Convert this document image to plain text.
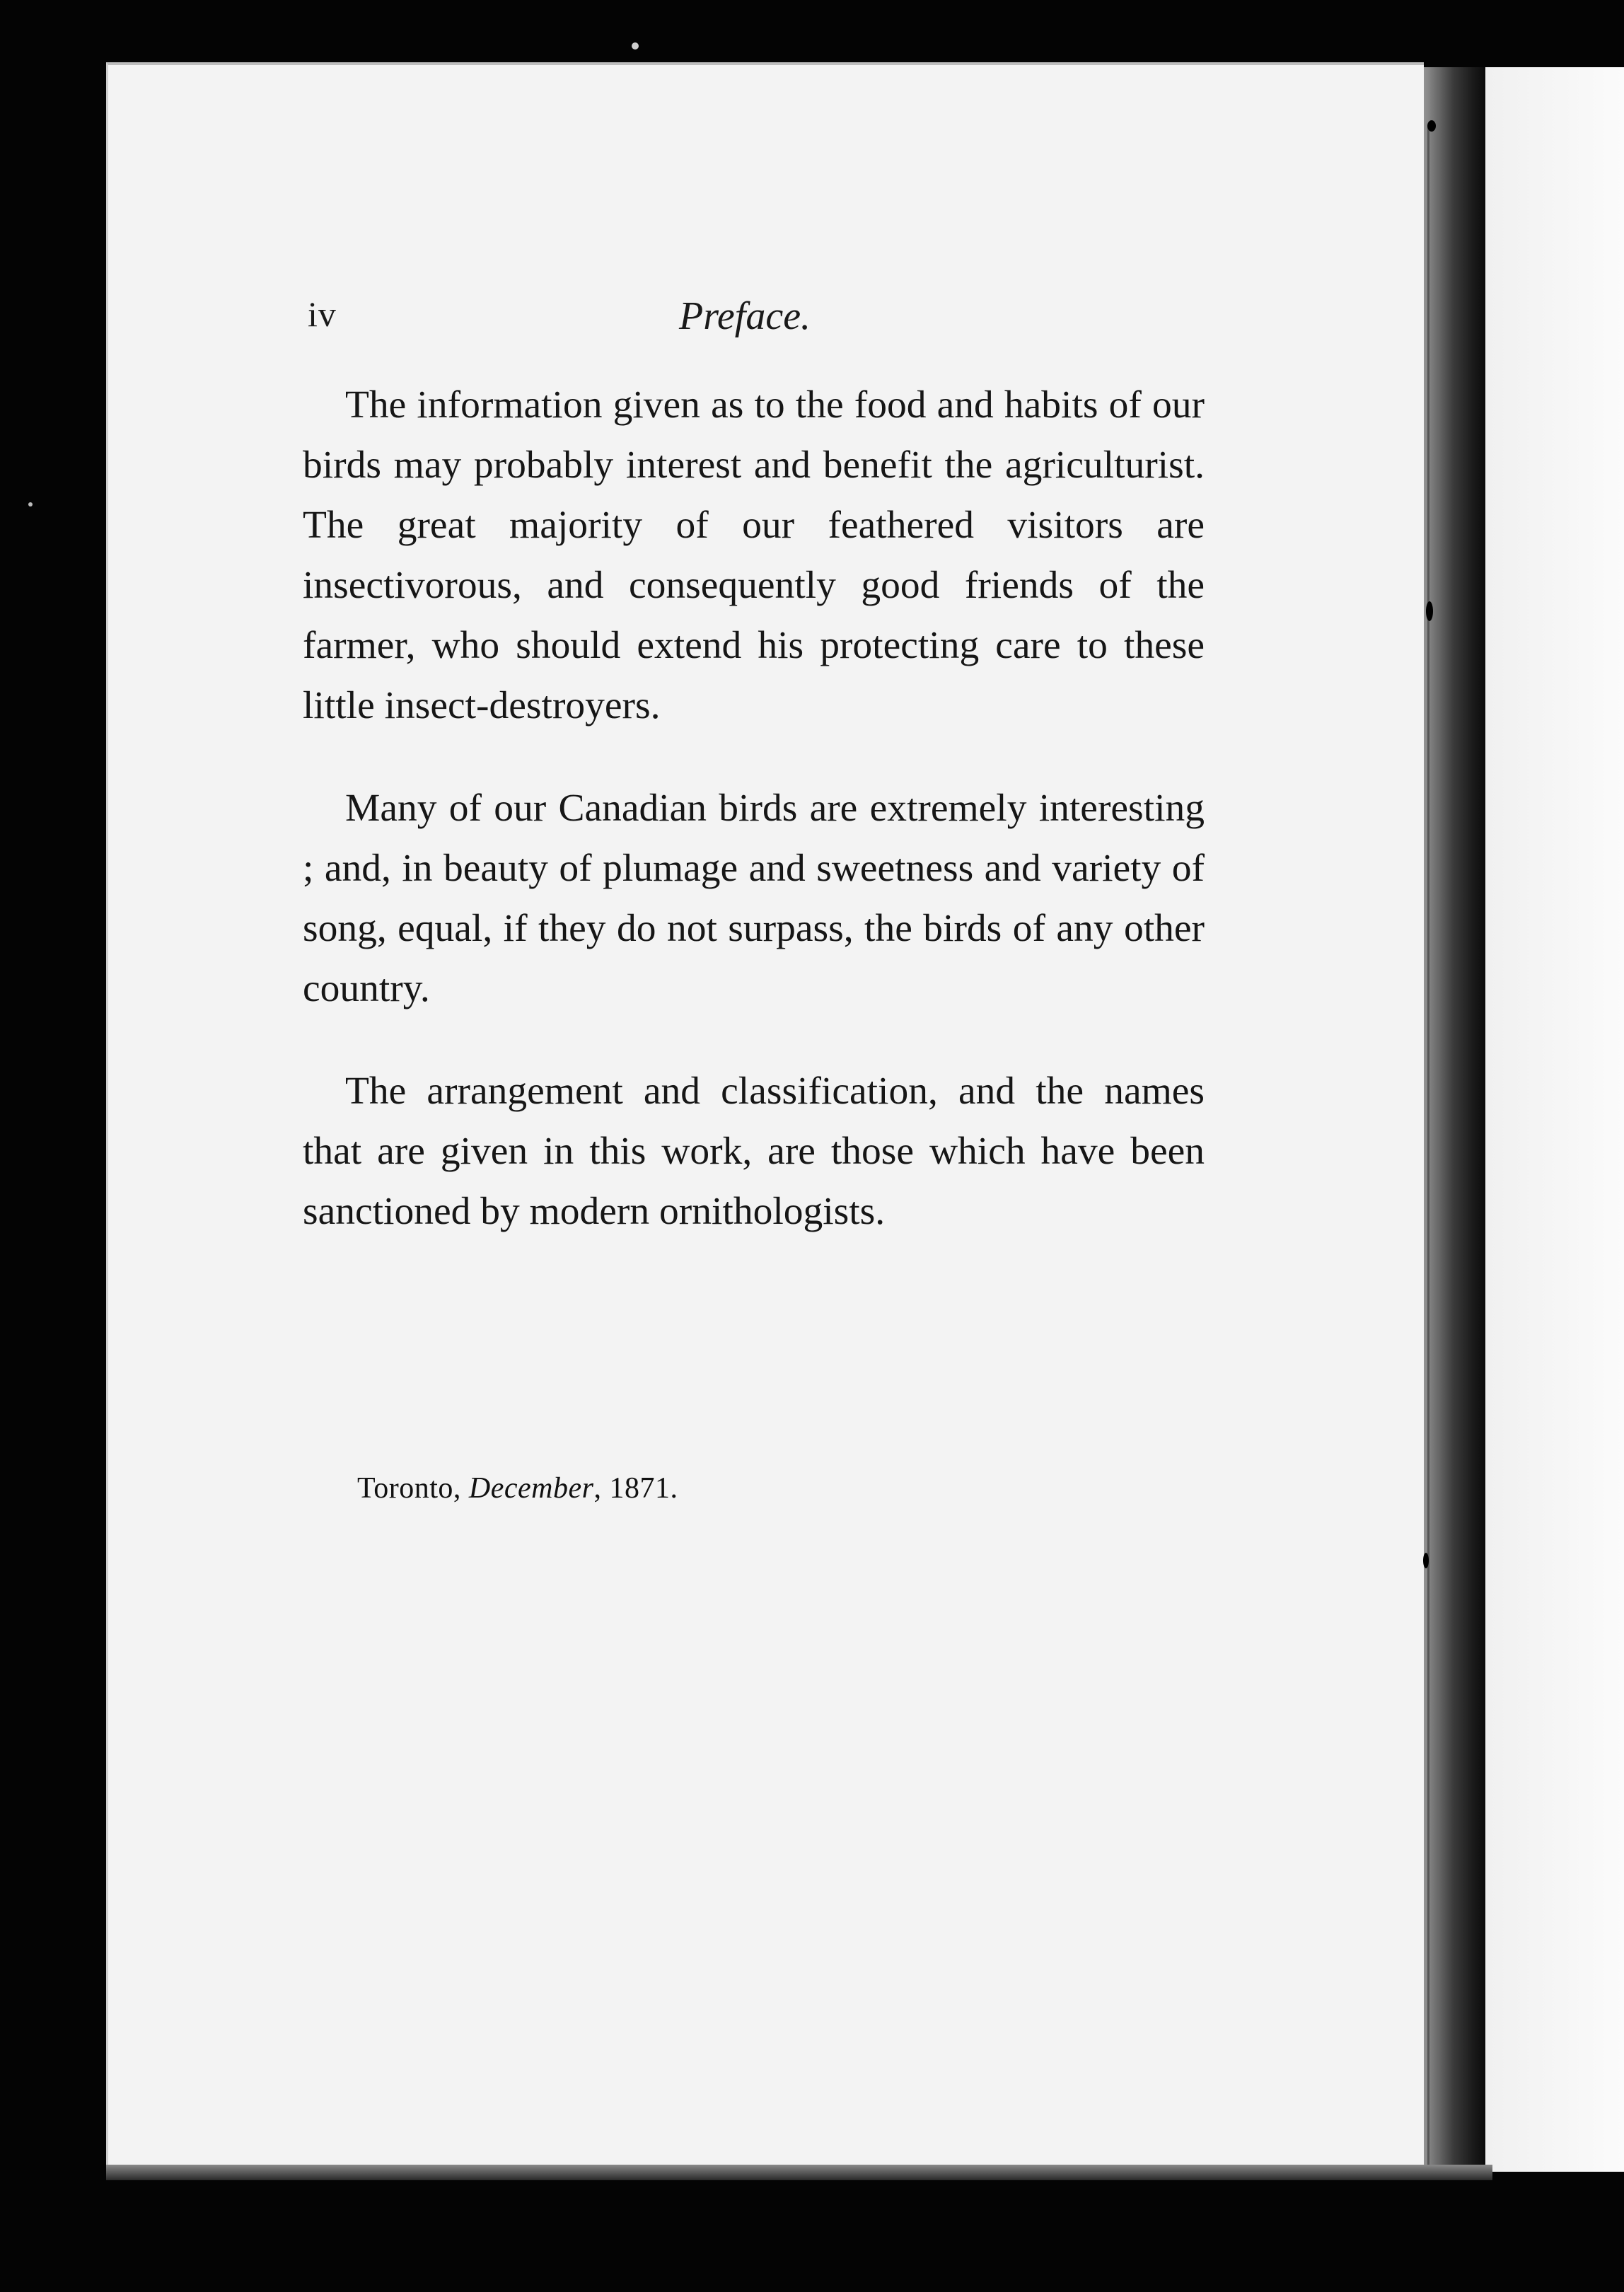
iv	Preface.

The information given as to the food and habits of our birds may probably interest and benefit the agriculturist. The great majority of our feathered visitors are insectivorous, and consequently good friends of the farmer, who should extend his protecting care to these little insect-destroyers.

Many of our Canadian birds are extremely interesting ; and, in beauty of plumage and sweetness and variety of song, equal, if they do not surpass, the birds of any other country.

The arrangement and classification, and the names that are given in this work, are those which have been sanctioned by modern ornithologists.

Toronto, December, 1871.
